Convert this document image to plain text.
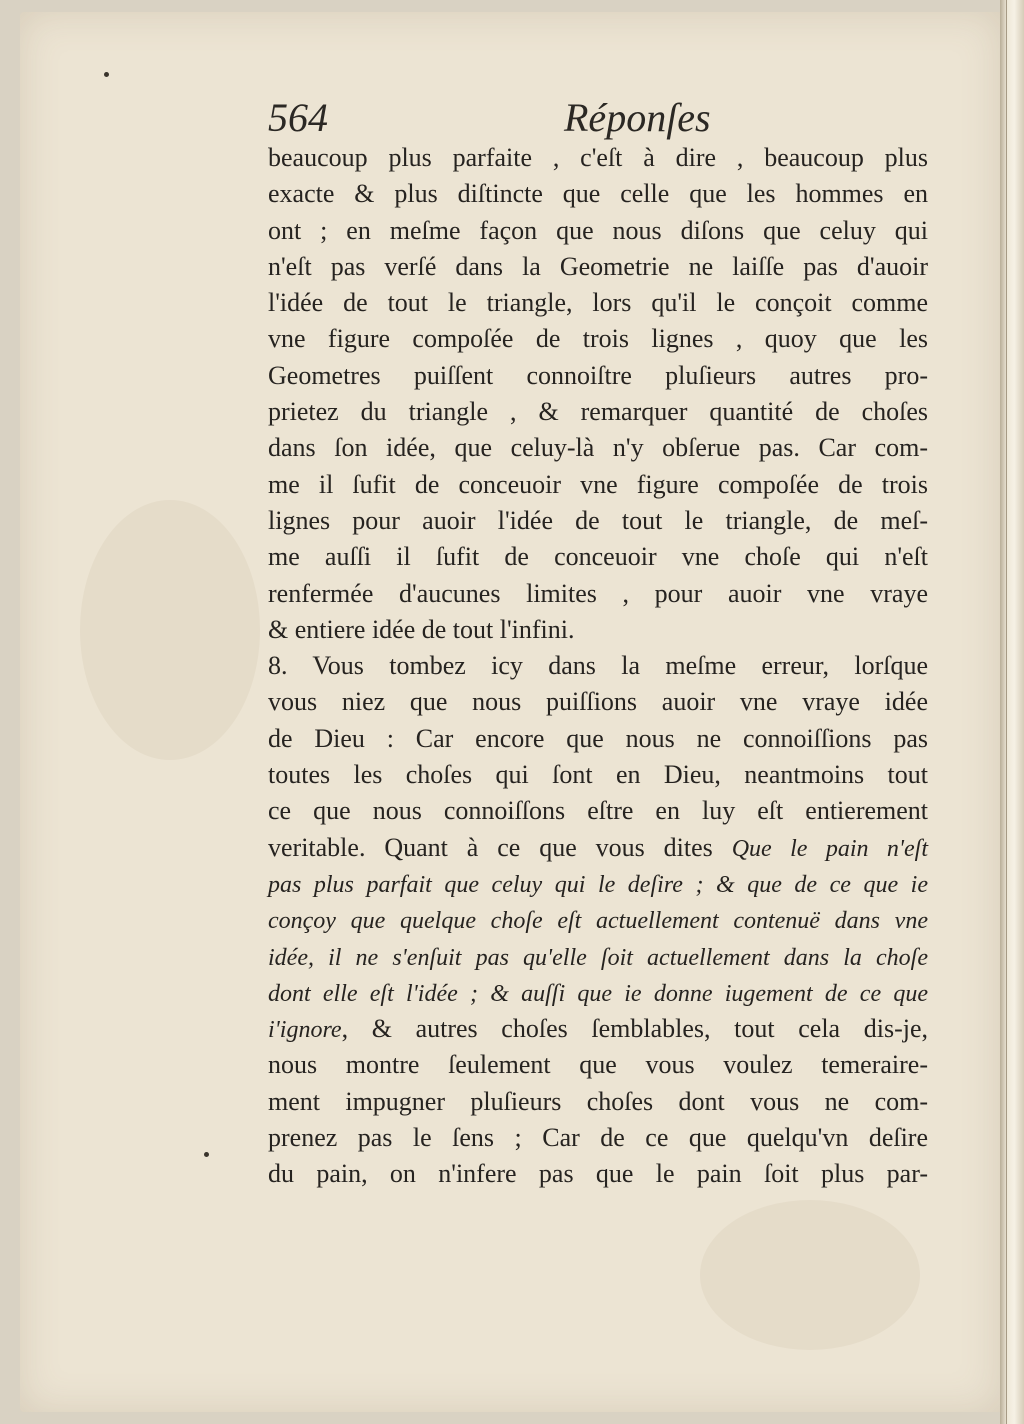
564	Réponſes
beaucoup plus parfaite , c'eſt à dire , beaucoup plus
exacte & plus diſtincte que celle que les hommes en
ont ; en meſme façon que nous diſons que celuy qui
n'eſt pas verſé dans la Geometrie ne laiſſe pas d'auoir
l'idée de tout le triangle, lors qu'il le conçoit comme
vne figure compoſée de trois lignes , quoy que les
Geometres puiſſent connoiſtre pluſieurs autres pro-
prietez du triangle , & remarquer quantité de choſes
dans ſon idée, que celuy-là n'y obſerue pas. Car com-
me il ſufit de conceuoir vne figure compoſée de trois
lignes pour auoir l'idée de tout le triangle, de meſ-
me auſſi il ſufit de conceuoir vne choſe qui n'eſt
renfermée d'aucunes limites , pour auoir vne vraye
& entiere idée de tout l'infini.
8. Vous tombez icy dans la meſme erreur, lorſque
vous niez que nous puiſſions auoir vne vraye idée
de Dieu : Car encore que nous ne connoiſſions pas
toutes les choſes qui ſont en Dieu, neantmoins tout
ce que nous connoiſſons eſtre en luy eſt entierement
veritable. Quant à ce que vous dites Que le pain n'eſt
pas plus parfait que celuy qui le deſire ; & que de ce que ie
conçoy que quelque choſe eſt actuellement contenuë dans vne
idée, il ne s'enſuit pas qu'elle ſoit actuellement dans la choſe
dont elle eſt l'idée ; & auſſi que ie donne iugement de ce que
i'ignore, & autres choſes ſemblables, tout cela dis-je,
nous montre ſeulement que vous voulez temeraire-
ment impugner pluſieurs choſes dont vous ne com-
prenez pas le ſens ; Car de ce que quelqu'vn deſire
du pain, on n'infere pas que le pain ſoit plus par-
